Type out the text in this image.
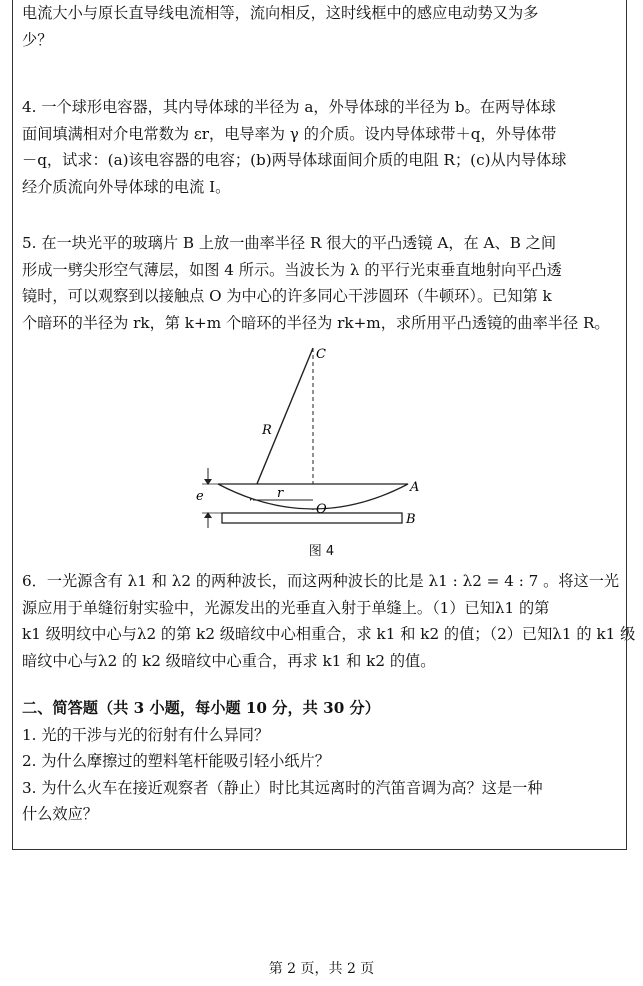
电流大小与原长直导线电流相等，流向相反，这时线框中的感应电动势又为多
少？
4. 一个球形电容器，其内导体球的半径为 a，外导体球的半径为 b。在两导体球
面间填满相对介电常数为 εr，电导率为 γ 的介质。设内导体球带＋q，外导体带
－q，试求：(a)该电容器的电容；(b)两导体球面间介质的电阻 R；(c)从内导体球
经介质流向外导体球的电流 I。
5. 在一块光平的玻璃片 B 上放一曲率半径 R 很大的平凸透镜 A，在 A、B 之间
形成一劈尖形空气薄层，如图 4 所示。当波长为 λ 的平行光束垂直地射向平凸透
镜时，可以观察到以接触点 O 为中心的许多同心干涉圆环（牛顿环）。已知第 k
个暗环的半径为 rk，第 k+m 个暗环的半径为 rk+m，求所用平凸透镜的曲率半径 R。
C
R
e	r
O
A
B
图 4
6．一光源含有 λ1 和 λ2 的两种波长，而这两种波长的比是 λ1 : λ2 = 4 : 7 。将这一光
源应用于单缝衍射实验中，光源发出的光垂直入射于单缝上。（1）已知λ1 的第
k1 级明纹中心与λ2 的第 k2 级暗纹中心相重合，求 k1 和 k2 的值；（2）已知λ1 的 k1 级
暗纹中心与λ2 的 k2 级暗纹中心重合，再求 k1 和 k2 的值。
二、简答题（共 3 小题，每小题 10 分，共 30 分）
1. 光的干涉与光的衍射有什么异同？
2. 为什么摩擦过的塑料笔杆能吸引轻小纸片？
3. 为什么火车在接近观察者（静止）时比其远离时的汽笛音调为高？这是一种
什么效应？
第 2 页，共 2 页
